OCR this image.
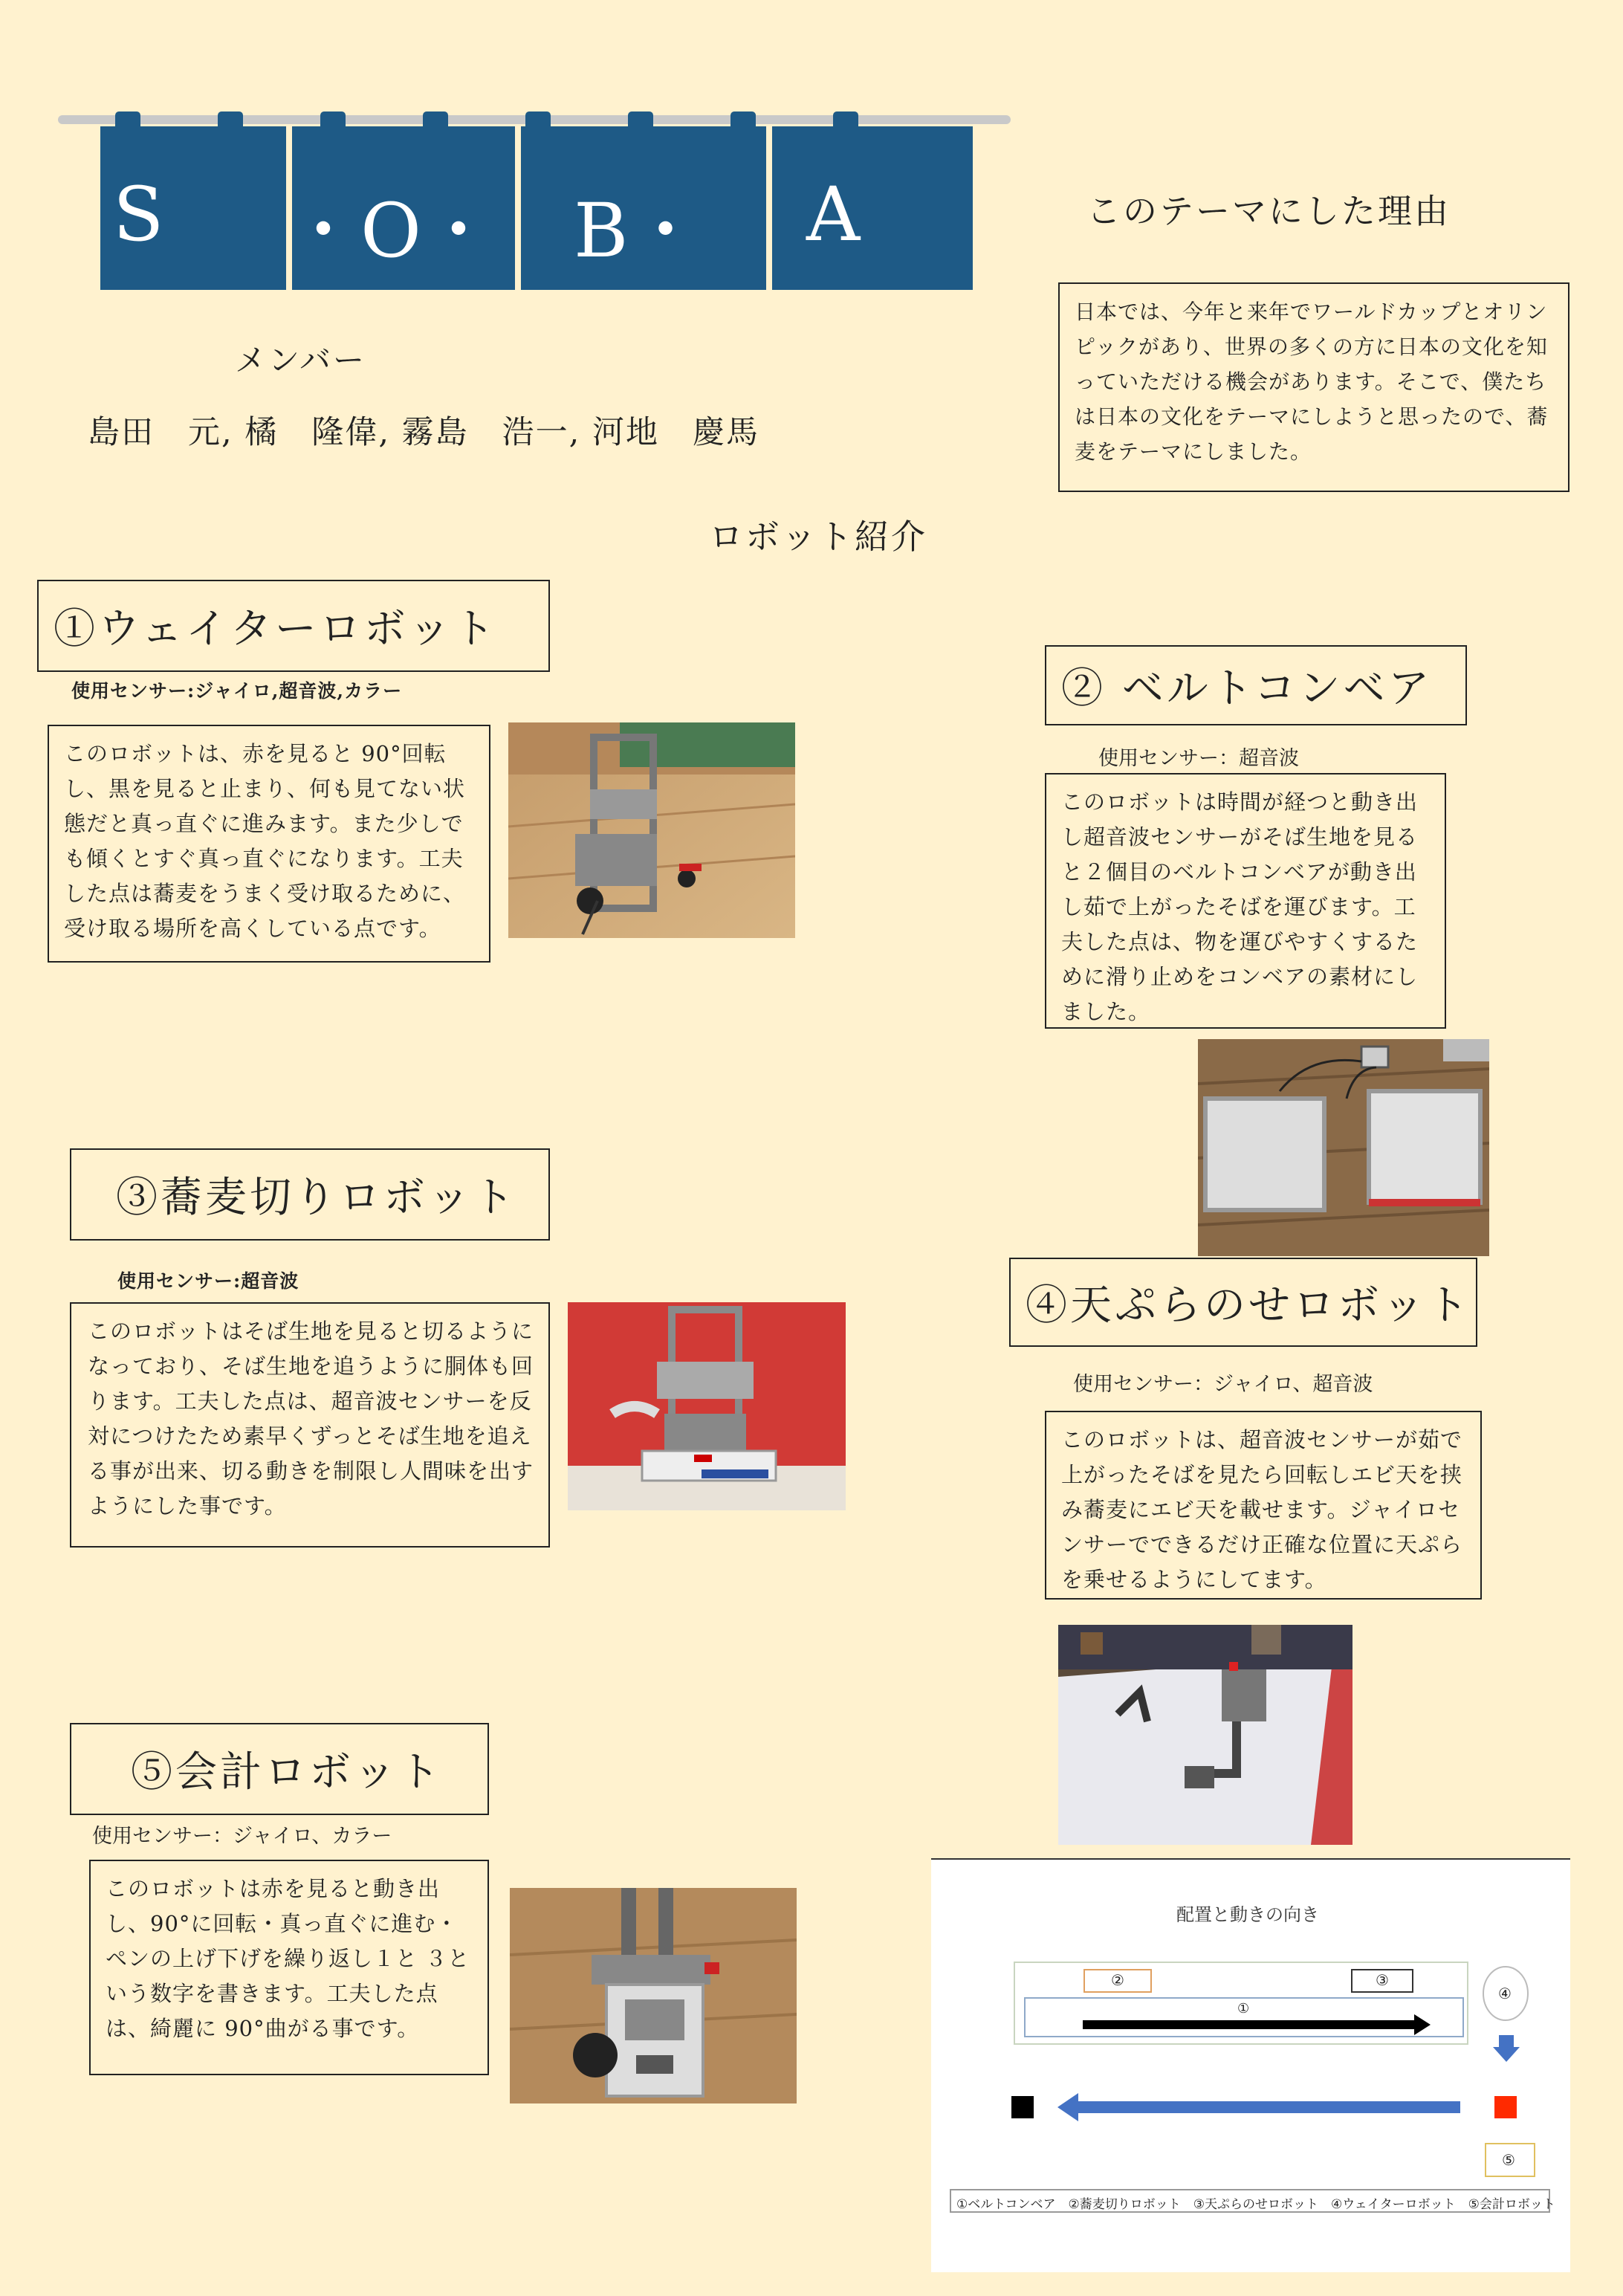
S ・O・ B・ A
メンバー
島田　元, 橘　隆偉, 霧島　浩一, 河地　慶馬
このテーマにした理由
日本では、今年と来年でワールドカップとオリンピックがあり、世界の多くの方に日本の文化を知っていただける機会があります。そこで、僕たちは日本の文化をテーマにしようと思ったので、蕎麦をテーマにしました。
ロボット紹介
①ウェイターロボット
使用センサー:ジャイロ,超音波,カラー
このロボットは、赤を見ると 90°回転し、黒を見ると止まり、何も見てない状態だと真っ直ぐに進みます。また少しでも傾くとすぐ真っ直ぐになります。工夫した点は蕎麦をうまく受け取るために、受け取る場所を高くしている点です。
② ベルトコンベア
使用センサー：超音波
このロボットは時間が経つと動き出し超音波センサーがそば生地を見ると２個目のベルトコンベアが動き出し茹で上がったそばを運びます。工夫した点は、物を運びやすくするために滑り止めをコンベアの素材にしました。
③蕎麦切りロボット
使用センサー:超音波
このロボットはそば生地を見ると切るようになっており、そば生地を追うように胴体も回ります。工夫した点は、超音波センサーを反対につけたため素早くずっとそば生地を追える事が出来、切る動きを制限し人間味を出すようにした事です。
④天ぷらのせロボット
使用センサー：ジャイロ、超音波
このロボットは、超音波センサーが茹で上がったそばを見たら回転しエビ天を挟み蕎麦にエビ天を載せます。ジャイロセンサーでできるだけ正確な位置に天ぷらを乗せるようにしてます。
⑤会計ロボット
使用センサー：ジャイロ、カラー
このロボットは赤を見ると動き出し、90°に回転・真っ直ぐに進む・ペンの上げ下げを繰り返し１と ３という数字を書きます。工夫した点は、綺麗に 90°曲がる事です。
配置と動きの向き
②	③
①
④
⑤
①ベルトコンベア　②蕎麦切りロボット　③天ぷらのせロボット　④ウェイターロボット　⑤会計ロボット
